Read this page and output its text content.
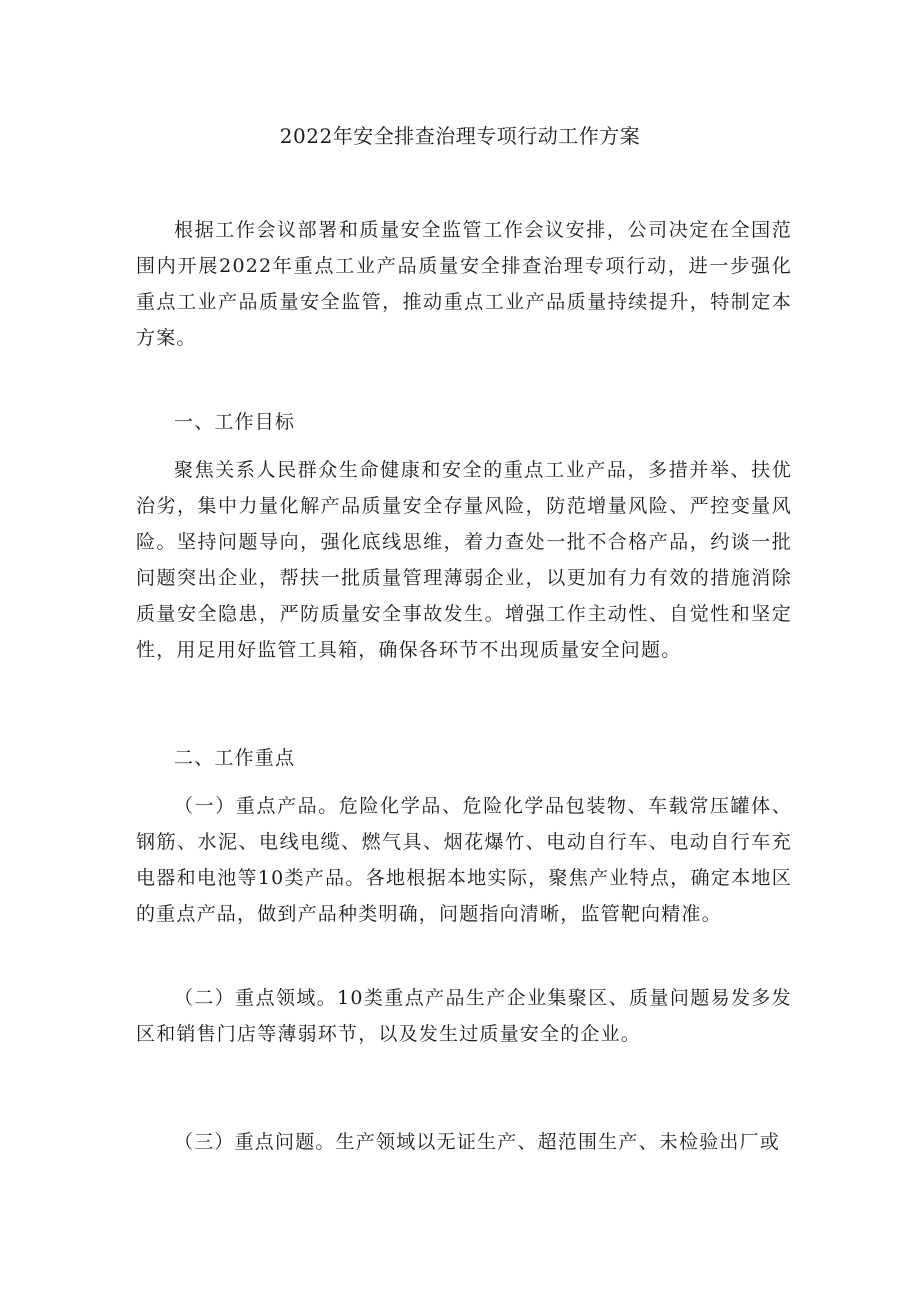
2022年安全排查治理专项行动工作方案

根据工作会议部署和质量安全监管工作会议安排，公司决定在全国范围内开展2022年重点工业产品质量安全排查治理专项行动，进一步强化重点工业产品质量安全监管，推动重点工业产品质量持续提升，特制定本方案。

一、工作目标

聚焦关系人民群众生命健康和安全的重点工业产品，多措并举、扶优治劣，集中力量化解产品质量安全存量风险，防范增量风险、严控变量风险。坚持问题导向，强化底线思维，着力查处一批不合格产品，约谈一批问题突出企业，帮扶一批质量管理薄弱企业，以更加有力有效的措施消除质量安全隐患，严防质量安全事故发生。增强工作主动性、自觉性和坚定性，用足用好监管工具箱，确保各环节不出现质量安全问题。

二、工作重点

（一）重点产品。危险化学品、危险化学品包装物、车载常压罐体、钢筋、水泥、电线电缆、燃气具、烟花爆竹、电动自行车、电动自行车充电器和电池等10类产品。各地根据本地实际，聚焦产业特点，确定本地区的重点产品，做到产品种类明确，问题指向清晰，监管靶向精准。

（二）重点领域。10类重点产品生产企业集聚区、质量问题易发多发区和销售门店等薄弱环节，以及发生过质量安全的企业。

（三）重点问题。生产领域以无证生产、超范围生产、未检验出厂或
